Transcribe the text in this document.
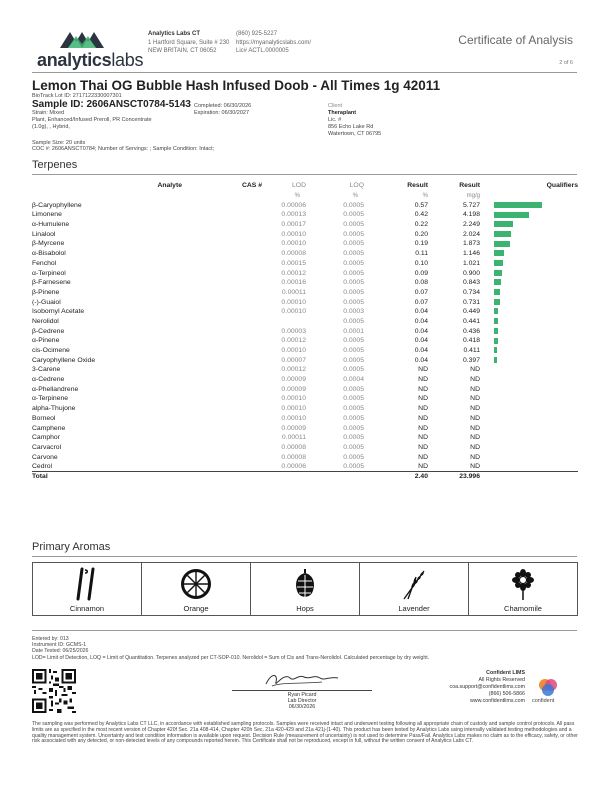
analyticslabs
Analytics Labs CT
1 Hartford Square, Suite # 230
NEW BRITAIN, CT 06052
(860) 925-5227
https://myanalyticslabs.com/
Lic# ACTL.0000005
Certificate of Analysis
2 of 6
Lemon Thai OG Bubble Hash Infused Doob - All Times 1g 42011
BioTrack Lot ID: 2717122330007301
Sample ID: 2606ANSCT0784-5143 Completed: 06/30/2026
Expiration: 06/30/2027
Strain: Mixed
Plant, Enhanced/Infused Preroll, PR Concentrate
(1.0g), , Hybrid,
Sample Size: 20 units
COC #: 2606ANSCT0784; Number of Servings: ; Sample Condition: Intact;
Client
Theraplant
Lic. #
856 Echo Lake Rd
Watertown, CT 06795
Terpenes
Analyte	CAS #	LOD	LOQ	Result	Result	Qualifiers
		%	%	%	mg/g	
β-Caryophyllene		0.00006	0.0005	0.57	5.727	
Limonene		0.00013	0.0005	0.42	4.198	
α-Humulene		0.00017	0.0005	0.22	2.249	
Linalool		0.00010	0.0005	0.20	2.024	
β-Myrcene		0.00010	0.0005	0.19	1.873	
α-Bisabolol		0.00008	0.0005	0.11	1.146	
Fenchol		0.00015	0.0005	0.10	1.021	
α-Terpineol		0.00012	0.0005	0.09	0.900	
β-Farnesene		0.00016	0.0005	0.08	0.843	
β-Pinene		0.00011	0.0005	0.07	0.734	
(-)-Guaiol		0.00010	0.0005	0.07	0.731	
Isobornyl Acetate		0.00010	0.0003	0.04	0.449	
Nerolidol			0.0005	0.04	0.441	
β-Cedrene		0.00003	0.0001	0.04	0.436	
α-Pinene		0.00012	0.0005	0.04	0.418	
cis-Ocimene		0.00010	0.0005	0.04	0.411	
Caryophyllene Oxide		0.00007	0.0005	0.04	0.397	
3-Carene		0.00012	0.0005	ND	ND	
α-Cedrene		0.00009	0.0004	ND	ND	
α-Phellandrene		0.00009	0.0005	ND	ND	
α-Terpinene		0.00010	0.0005	ND	ND	
alpha-Thujone		0.00010	0.0005	ND	ND	
Borneol		0.00010	0.0005	ND	ND	
Camphene		0.00009	0.0005	ND	ND	
Camphor		0.00011	0.0005	ND	ND	
Carvacrol		0.00008	0.0005	ND	ND	
Carvone		0.00008	0.0005	ND	ND	
Cedrol		0.00006	0.0005	ND	ND	
Total				2.40	23.996	
Primary Aromas
Cinnamon	Orange	Hops	Lavender	Chamomile
Entered by: 013
Instrument ID: GCMS-1
Date Tested: 06/25/2026
LOD= Limit of Detection, LOQ = Limit of Quantitation. Terpenes analyzed per CT-SOP-010. Nerolidol = Sum of Cis and Trans-Nerolidol. Calculated percentage by dry weight.
Ryan Picard
Lab Director
06/30/2026
Confident LIMS
All Rights Reserved
coa.support@confidentlims.com
(866) 506-5866
www.confidentlims.com confident
The sampling was performed by Analytics Labs CT LLC, in accordance with established sampling protocols. Samples were received intact and underwent testing following all appropriate chain of custody and sample control protocols. All pass limits are as specified in the most recent version of Chapter 420f Sec. 21a 408-414, Chapter 420h Sec. 21a 420-429 and 21a 421j-(1-40). This product has been tested by Analytics Labs using internally validated testing methodologies and a quality management system. Uncertainty and test condition information is available upon request. Decision Rule (measurement of uncertainty) is not used to determine Pass/Fail. Analytics Labs makes no claim as to the efficacy, safety, or other risk associated with any detected, or non-detected levels of any compounds reported herein. This Certificate shall not be reproduced, except in full, without the written consent of Analytics Labs CT.
